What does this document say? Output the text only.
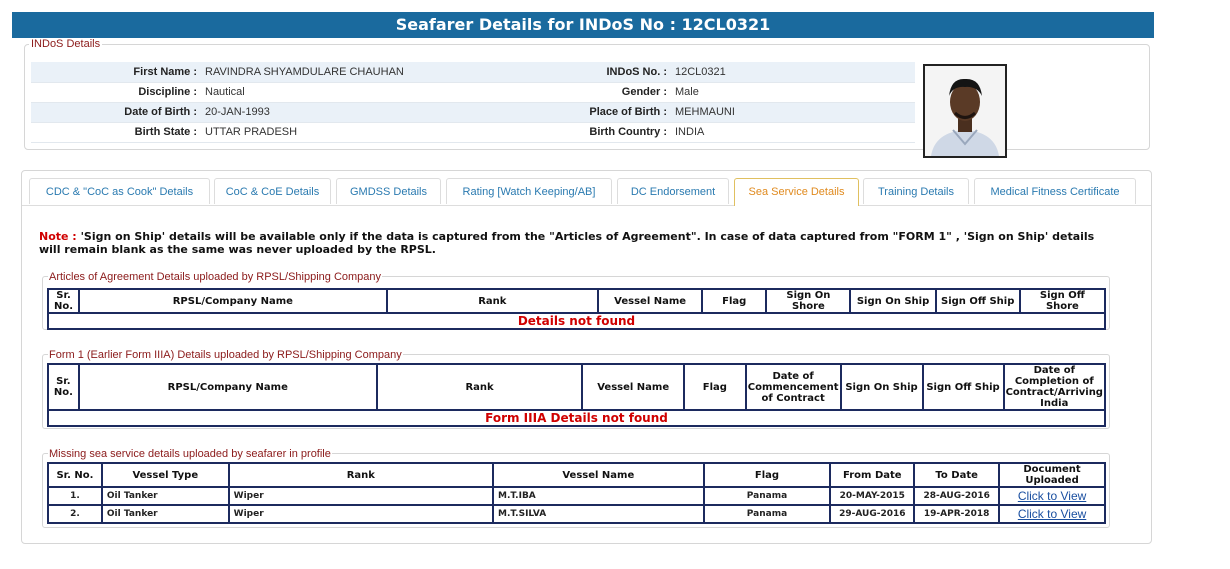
Seafarer Details for INDoS No : 12CL0321
INDoS Details
First Name :	RAVINDRA SHYAMDULARE CHAUHAN	INDoS No. :	12CL0321
Discipline :	Nautical	Gender :	Male
Date of Birth :	20-JAN-1993	Place of Birth :	MEHMAUNI
Birth State :	UTTAR PRADESH	Birth Country :	INDIA
CDC & "CoC as Cook" Details	CoC & CoE Details	GMDSS Details	Rating [Watch Keeping/AB]	DC Endorsement	Sea Service Details	Training Details	Medical Fitness Certificate
Note : 'Sign on Ship' details will be available only if the data is captured from the "Articles of Agreement". In case of data captured from "FORM 1" , 'Sign on Ship' details will remain blank as the same was never uploaded by the RPSL.
Articles of Agreement Details uploaded by RPSL/Shipping Company
Sr. No.	RPSL/Company Name	Rank	Vessel Name	Flag	Sign On Shore	Sign On Ship	Sign Off Ship	Sign Off Shore
Details not found
Form 1 (Earlier Form IIIA) Details uploaded by RPSL/Shipping Company
Sr. No.	RPSL/Company Name	Rank	Vessel Name	Flag	Date of Commencement of Contract	Sign On Ship	Sign Off Ship	Date of Completion of Contract/Arriving India
Form IIIA Details not found
Missing sea service details uploaded by seafarer in profile
Sr. No.	Vessel Type	Rank	Vessel Name	Flag	From Date	To Date	Document Uploaded
1.	Oil Tanker	Wiper	M.T.IBA	Panama	20-MAY-2015	28-AUG-2016	Click to View
2.	Oil Tanker	Wiper	M.T.SILVA	Panama	29-AUG-2016	19-APR-2018	Click to View
